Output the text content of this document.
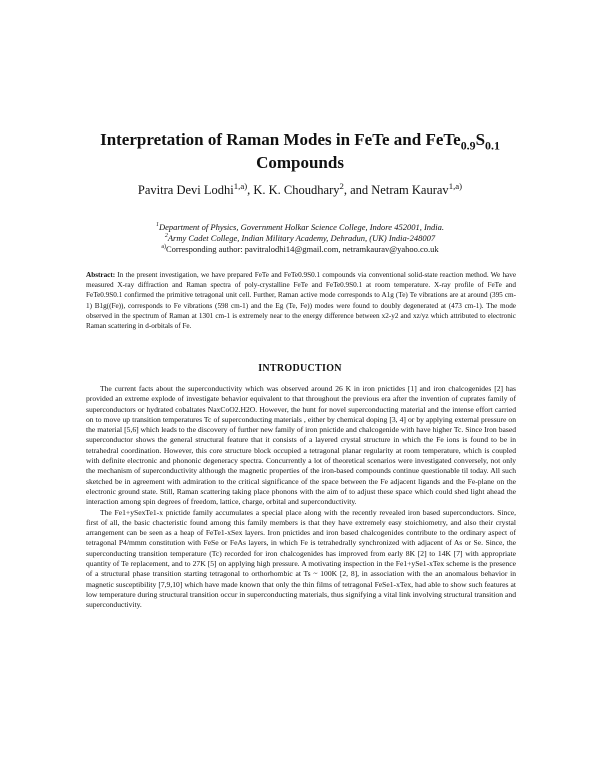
Interpretation of Raman Modes in FeTe and $FeTe_{0.9}S_{0.1}$
Compounds
Pavitra Devi Lodhi$^{1,a)}$, K. K. Choudhary$^2$, and Netram Kaurav$^{1,a)}$
$^1$Department of Physics, Government Holkar Science College, Indore 452001, India.
$^2$Army Cadet College, Indian Military Academy, Dehradun, (UK) India-248007
$^{a)}$Corresponding author: pavitralodhi14@gmail.com, netramkaurav@yahoo.co.uk
Abstract: In the present investigation, we have prepared FeTe and FeTe0.9S0.1 compounds via conventional solid-state reaction method. We have measured X-ray diffraction and Raman spectra of poly-crystalline FeTe and FeTe0.9S0.1 at room temperature. X-ray profile of FeTe and FeTe0.9S0.1 confirmed the primitive tetragonal unit cell. Further, Raman active mode corresponds to A1g (Te) Te vibrations are at around (395 cm-1) B1g((Fe)), corresponds to Fe vibrations (598 cm-1) and the Eg (Te, Fe)) modes were found to doubly degenerated at (473 cm-1). The mode observed in the spectrum of Raman at 1301 cm-1 is extremely near to the energy difference between x2-y2 and xz/yz which attributed to electronic Raman scattering in d-orbitals of Fe.
INTRODUCTION

The current facts about the superconductivity which was observed around 26 K in iron pnictides [1] and iron chalcogenides [2] has provided an extreme explode of investigate behavior equivalent to that throughout the previous era after the invention of cuprates family of superconductors or hydrated cobaltates NaxCoO2.H2O. However, the hunt for novel superconducting material and the intense effort carried on to move up transition temperatures Tc of superconducting materials , either by chemical doping [3, 4] or by applying external pressure on the material [5,6] which leads to the discovery of further new family of iron pnictide and chalcogenide with have higher Tc. Since Iron based superconductor shows the general structural feature that it consists of a layered crystal structure in which the Fe ions is found to be in tetrahedral coordination. However, this core structure block occupied a tetragonal planar regularity at room temperature, which is coupled with definite electronic and phononic degeneracy spectra. Concurrently a lot of theoretical scenarios were investigated conversely, not only the mechanism of superconductivity although the magnetic properties of the iron-based compounds continue questionable til today. All such sketched be in agreement with admiration to the critical significance of the space between the Fe adjacent ligands and the Fe-plane on the electronic ground state. Still, Raman scattering taking place phonons with the aim of to adjust these space which could shed light ahead the interaction among spin degrees of freedom, lattice, charge, orbital and superconductivity.

The Fe1+ySexTe1-x pnictide family accumulates a special place along with the recently revealed iron based superconductors. Since, first of all, the basic chacteristic found among this family members is that they have extremely easy stoichiometry, and also their crystal arrangement can be seen as a heap of FeTe1-xSex layers. Iron pnictides and iron based chalcogenides contribute to the ordinary aspect of tetragonal P4/mmm constitution with FeSe or FeAs layers, in which Fe is tetrahedrally synchronized with adjacent of As or Se. Since, the superconducting transition temperature (Tc) recorded for iron chalcogenides has improved from early 8K [2] to 14K [7] with appropriate quantity of Te replacement, and to 27K [5] on applying high pressure. A motivating inspection in the Fe1+ySe1-xTex scheme is the presence of a structural phase transition starting tetragonal to orthorhombic at Ts ~ 100K [2, 8], in association with the an anomalous behavior in magnetic susceptibility [7,9,10] which have made known that only the thin films of tetragonal FeSe1-xTex, had able to show such features at low temperature during structural transition occur in superconducting materials, thus signifying a vital link involving structural transition and superconductivity.
